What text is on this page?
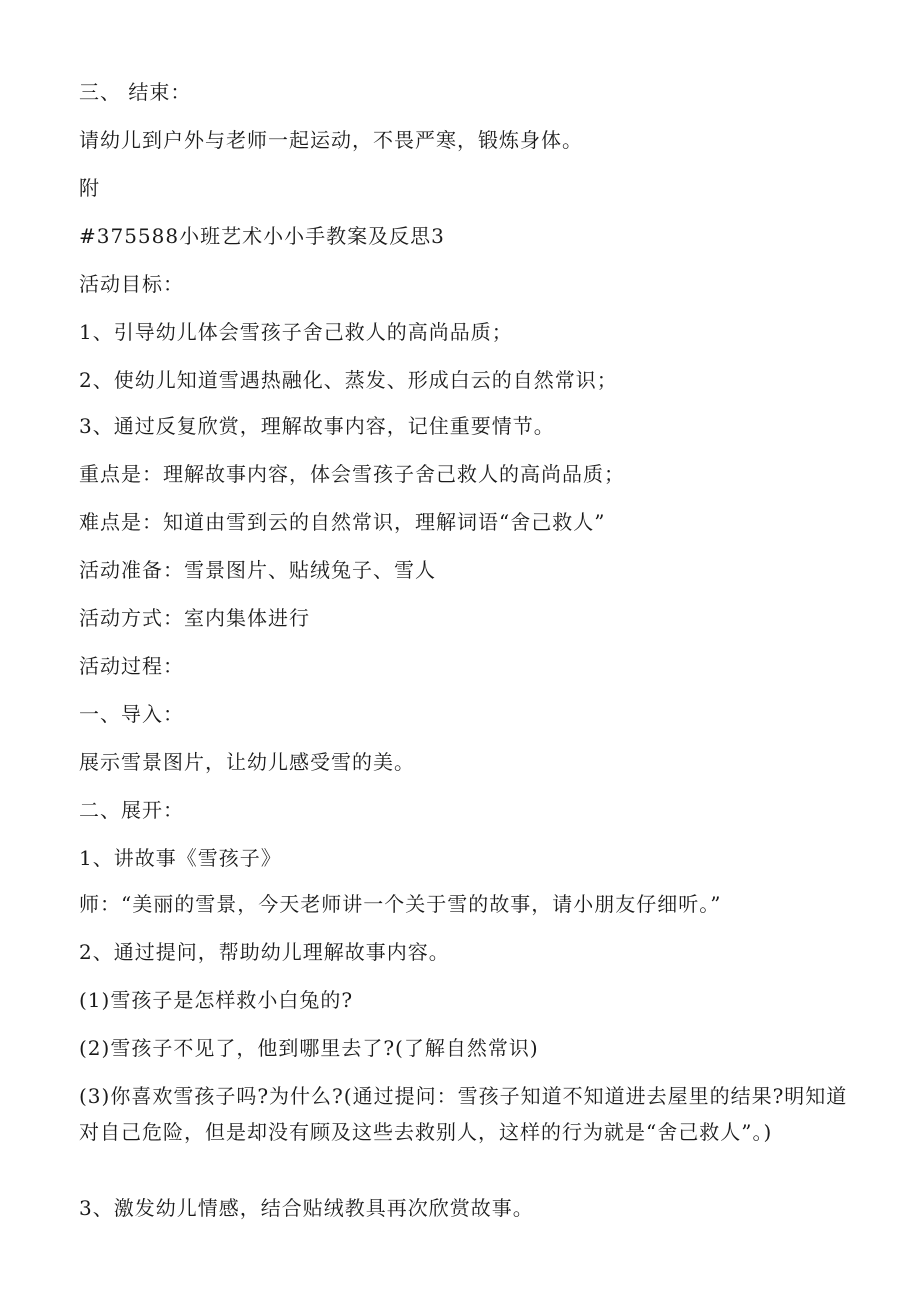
三、 结束：
请幼儿到户外与老师一起运动，不畏严寒，锻炼身体。
附
#375588小班艺术小小手教案及反思3
活动目标：
1、引导幼儿体会雪孩子舍己救人的高尚品质；
2、使幼儿知道雪遇热融化、蒸发、形成白云的自然常识；
3、通过反复欣赏，理解故事内容，记住重要情节。
重点是：理解故事内容，体会雪孩子舍己救人的高尚品质；
难点是：知道由雪到云的自然常识，理解词语“舍己救人”
活动准备：雪景图片、贴绒兔子、雪人
活动方式：室内集体进行
活动过程：
一、导入：
展示雪景图片，让幼儿感受雪的美。
二、展开：
1、讲故事《雪孩子》
师：“美丽的雪景，今天老师讲一个关于雪的故事，请小朋友仔细听。”
2、通过提问，帮助幼儿理解故事内容。
(1)雪孩子是怎样救小白兔的?
(2)雪孩子不见了，他到哪里去了?(了解自然常识)
(3)你喜欢雪孩子吗?为什么?(通过提问：雪孩子知道不知道进去屋里的结果?明知道对自己危险，但是却没有顾及这些去救别人，这样的行为就是“舍己救人”。)
3、激发幼儿情感，结合贴绒教具再次欣赏故事。
